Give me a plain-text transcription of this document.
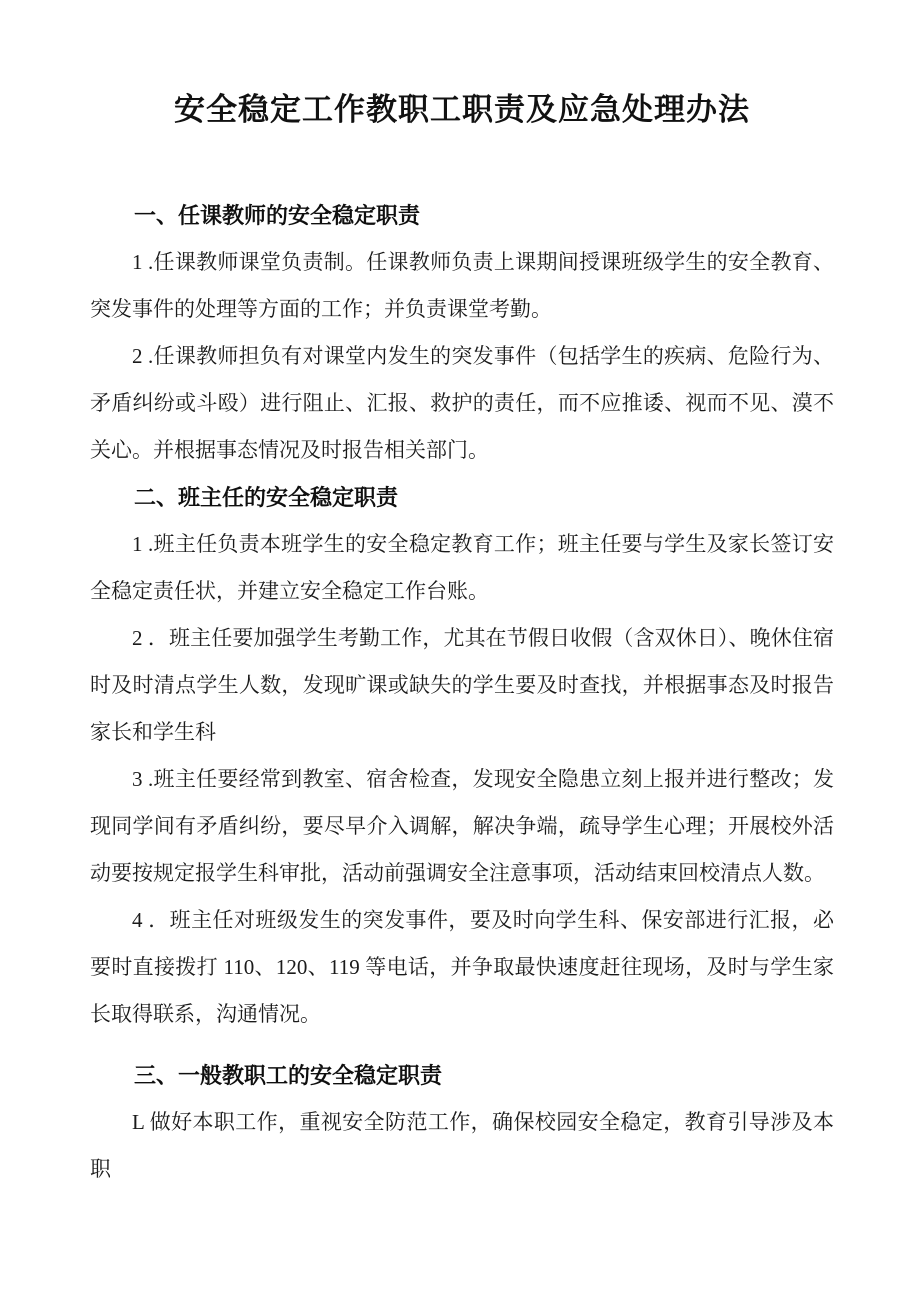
安全稳定工作教职工职责及应急处理办法
一、任课教师的安全稳定职责

1 .任课教师课堂负责制。任课教师负责上课期间授课班级学生的安全教育、突发事件的处理等方面的工作；并负责课堂考勤。

2 .任课教师担负有对课堂内发生的突发事件（包括学生的疾病、危险行为、矛盾纠纷或斗殴）进行阻止、汇报、救护的责任，而不应推诿、视而不见、漠不关心。并根据事态情况及时报告相关部门。

二、班主任的安全稳定职责

1 .班主任负责本班学生的安全稳定教育工作；班主任要与学生及家长签订安全稳定责任状，并建立安全稳定工作台账。

2 ．班主任要加强学生考勤工作，尤其在节假日收假（含双休日）、晚休住宿时及时清点学生人数，发现旷课或缺失的学生要及时查找，并根据事态及时报告家长和学生科

3 .班主任要经常到教室、宿舍检查，发现安全隐患立刻上报并进行整改；发现同学间有矛盾纠纷，要尽早介入调解，解决争端，疏导学生心理；开展校外活动要按规定报学生科审批，活动前强调安全注意事项，活动结束回校清点人数。

4 ．班主任对班级发生的突发事件，要及时向学生科、保安部进行汇报，必要时直接拨打 110、120、119 等电话，并争取最快速度赶往现场，及时与学生家长取得联系，沟通情况。

三、一般教职工的安全稳定职责

L 做好本职工作，重视安全防范工作，确保校园安全稳定，教育引导涉及本职
